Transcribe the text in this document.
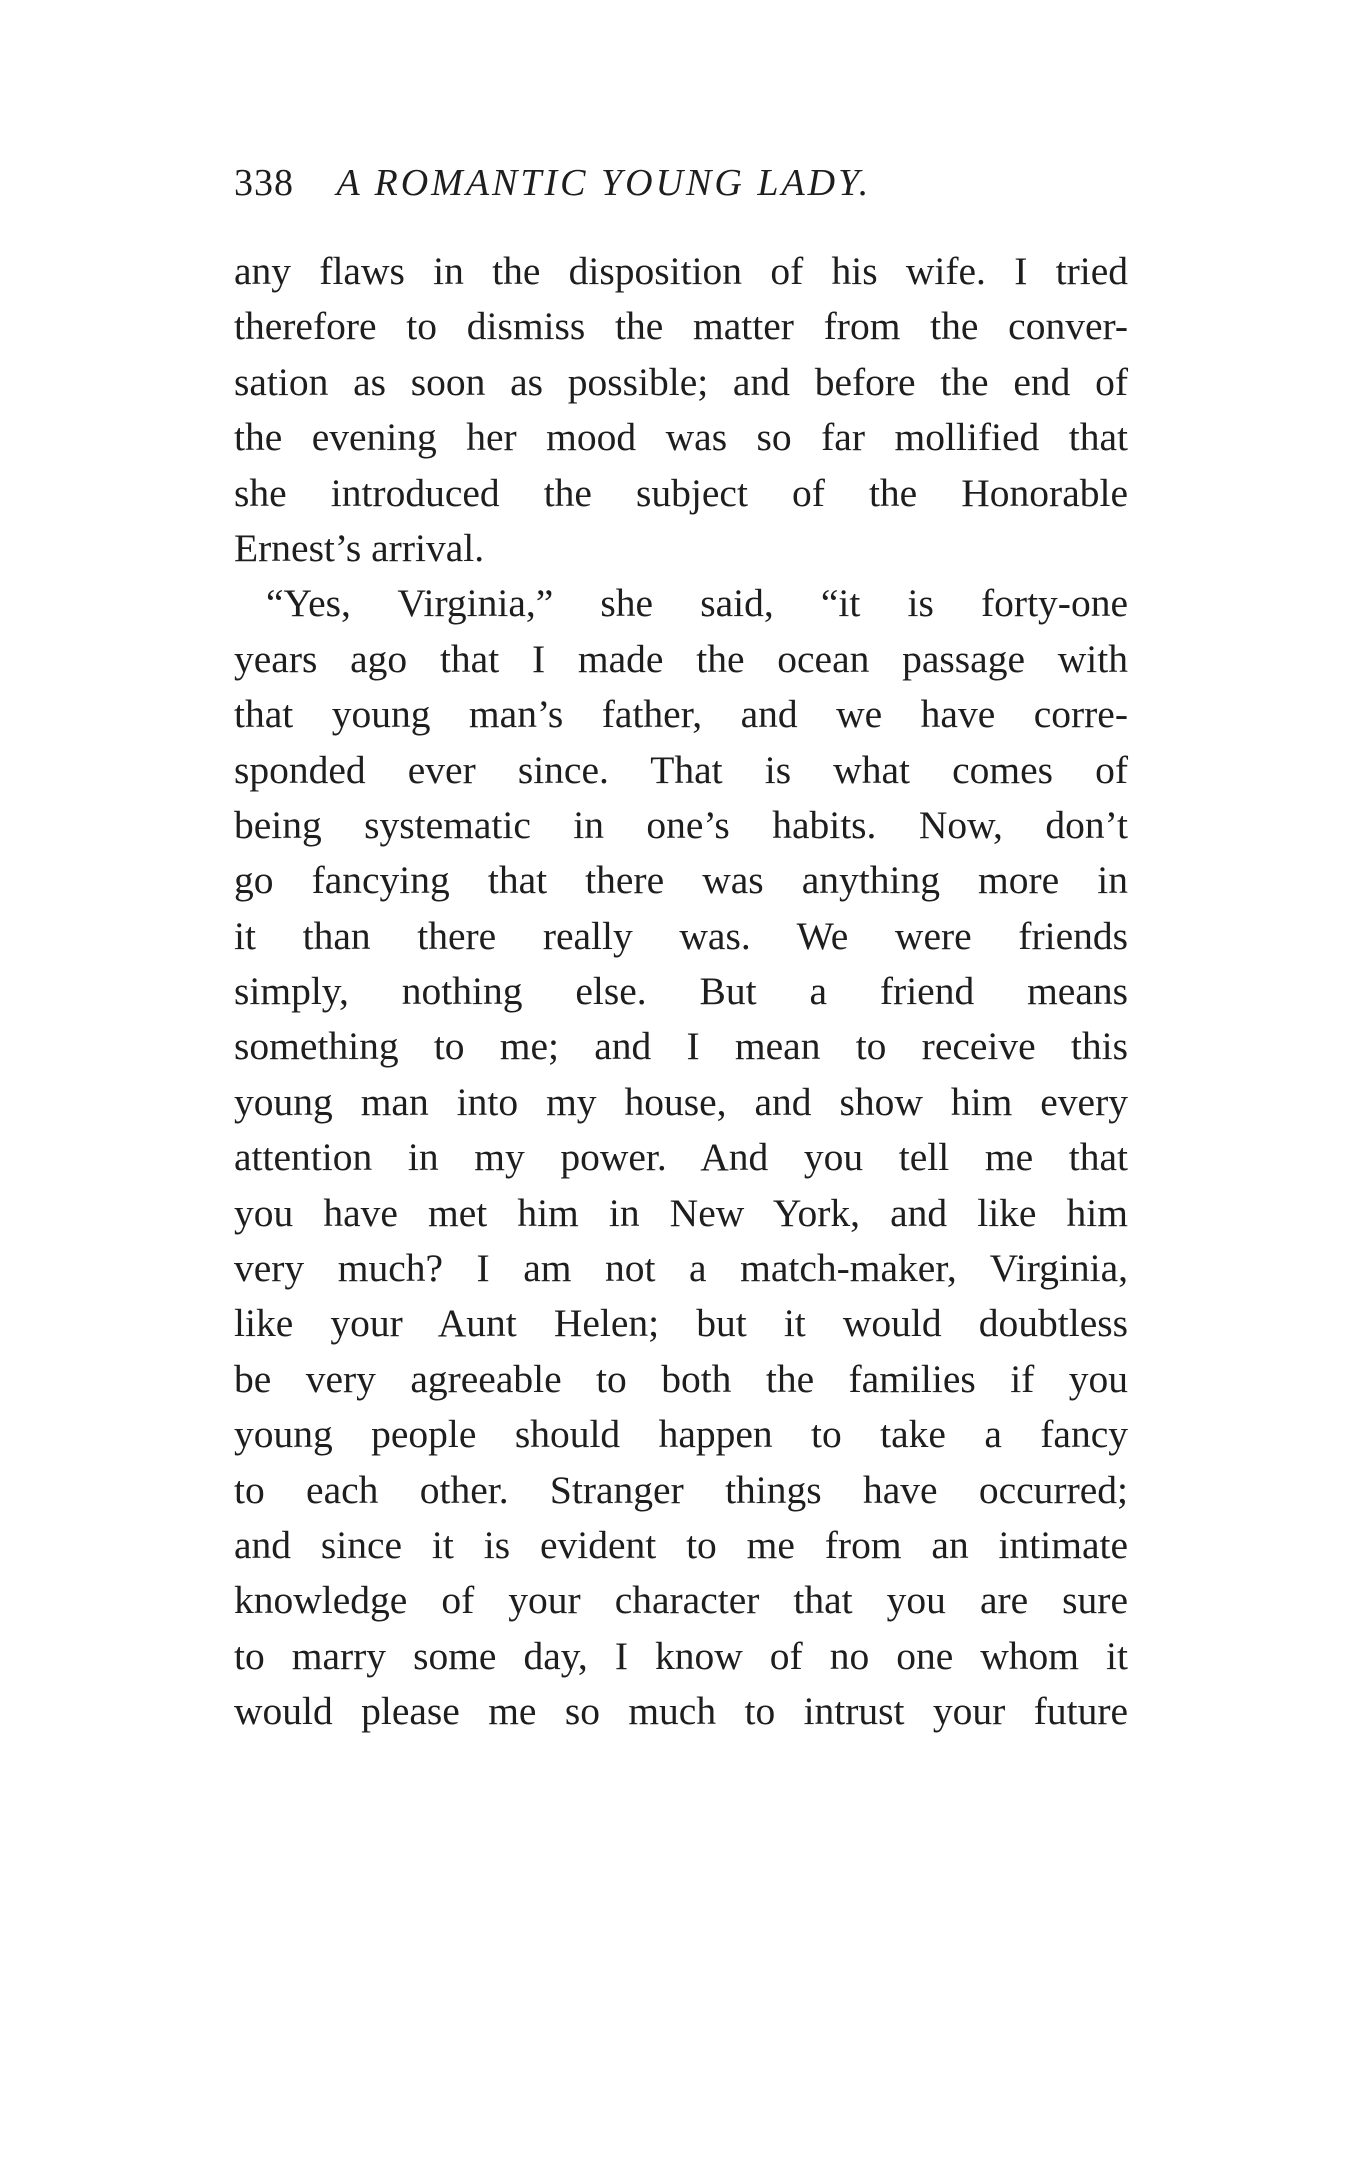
338 A ROMANTIC YOUNG LADY.
any flaws in the disposition of his wife. I tried
therefore to dismiss the matter from the conver-
sation as soon as possible; and before the end of
the evening her mood was so far mollified that
she introduced the subject of the Honorable
Ernest’s arrival.
“Yes, Virginia,” she said, “it is forty-one
years ago that I made the ocean passage with
that young man’s father, and we have corre-
sponded ever since. That is what comes of
being systematic in one’s habits. Now, don’t
go fancying that there was anything more in
it than there really was. We were friends
simply, nothing else. But a friend means
something to me; and I mean to receive this
young man into my house, and show him every
attention in my power. And you tell me that
you have met him in New York, and like him
very much? I am not a match-maker, Virginia,
like your Aunt Helen; but it would doubtless
be very agreeable to both the families if you
young people should happen to take a fancy
to each other. Stranger things have occurred;
and since it is evident to me from an intimate
knowledge of your character that you are sure
to marry some day, I know of no one whom it
would please me so much to intrust your future
